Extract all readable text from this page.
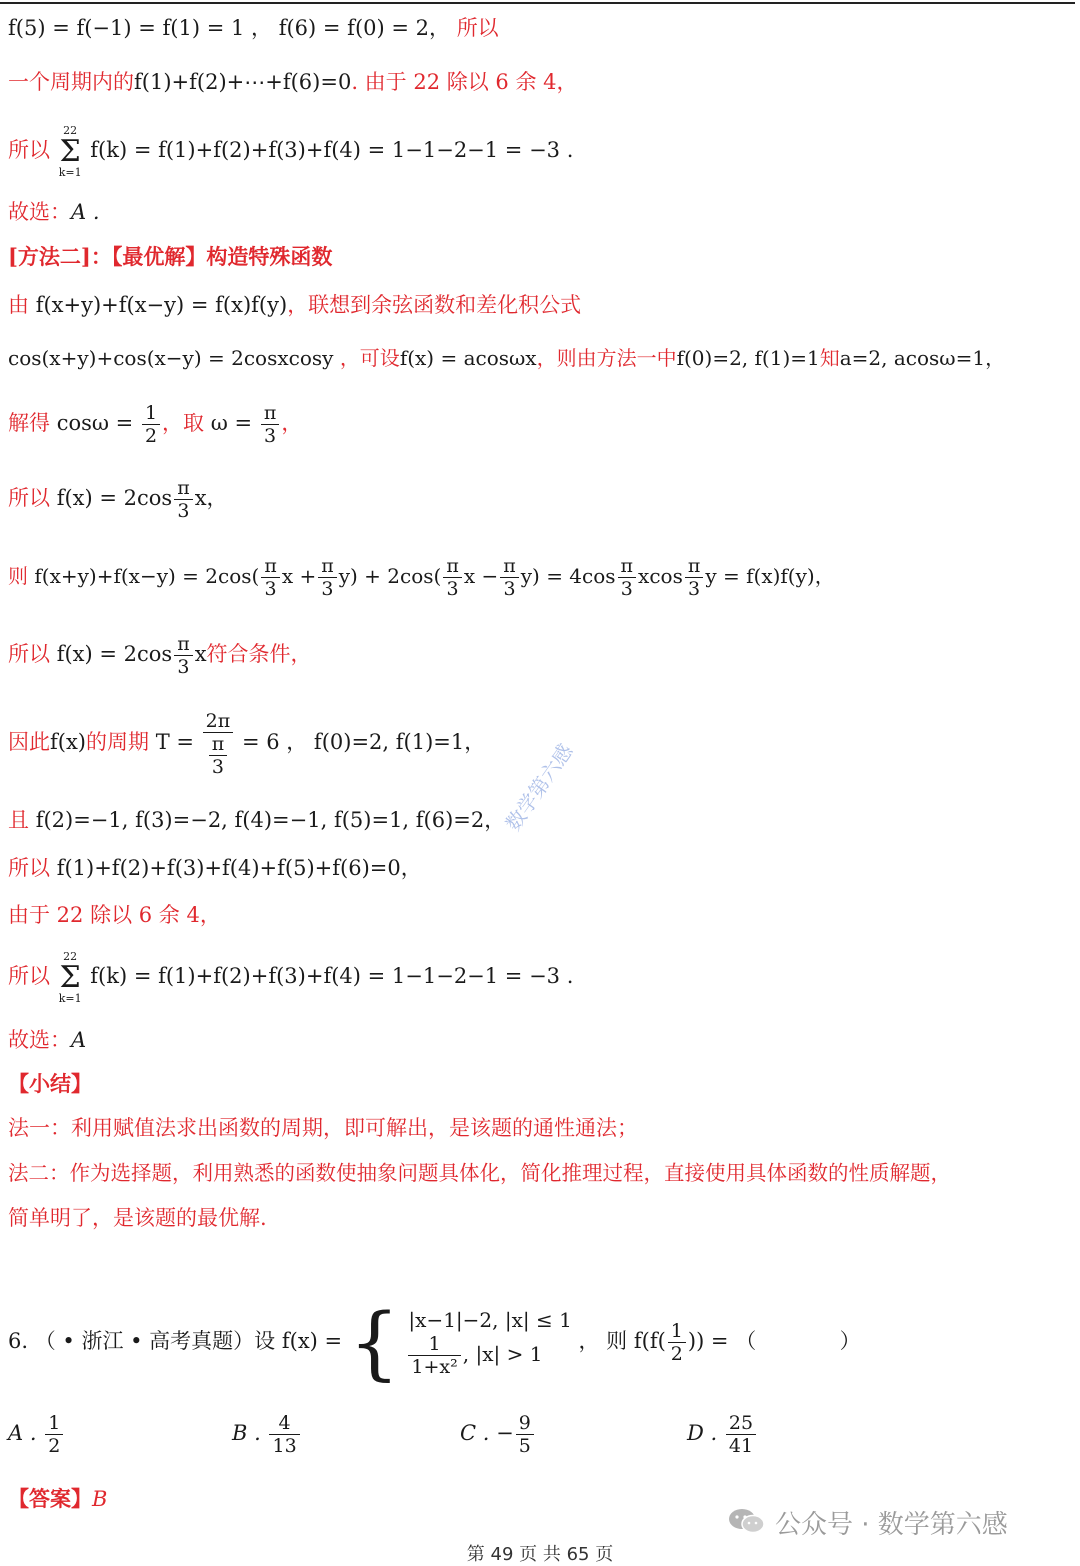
f(5) = f(−1) = f(1) = 1 ， f(6) = f(0) = 2， 所以
一个周期内的f(1)+f(2)+⋯+f(6)=0. 由于 22 除以 6 余 4，
所以
22
Σ
k=1
f(k) = f(1)+f(2)+f(3)+f(4) = 1−1−2−1 = −3 .
故选：A .
[方法二]：【最优解】构造特殊函数
由 f(x+y)+f(x−y) = f(x)f(y)，联想到余弦函数和差化积公式
cos(x+y)+cos(x−y) = 2cosxcosy ，可设f(x) = acosωx，则由方法一中f(0)=2, f(1)=1知a=2, acosω=1，
解得 $\cos\omega = \frac{1}{2}$ ，取 $\omega = \frac{\pi}{3}$ ，
所以 $f(x) = 2\cos \frac{\pi}{3}$ x，
则 $f(x+y)+f(x-y) = 2\cos( \frac{\pi}{3}$ $x + \frac{\pi}{3} y) + 2\cos( \frac{\pi}{3}$ $x - \frac{\pi}{3} y) = 4\cos \frac{\pi}{3}$ xcos $\frac{\pi}{3}$ y = f(x)f(y)，
所以 $f(x) = 2\cos \frac{\pi}{3}$ x符合条件，
因此f(x)的周期 $T = \frac{2\pi}{\frac{\pi}{3}} = 6$ ， f(0)=2, f(1)=1，
且 f(2)=−1, f(3)=−2, f(4)=−1, f(5)=1, f(6)=2，
所以 f(1)+f(2)+f(3)+f(4)+f(5)+f(6)=0，
由于 22 除以 6 余 4，
所以
22
Σ
k=1
f(k) = f(1)+f(2)+f(3)+f(4) = 1−1−2−1 = −3 .
故选：A
【小结】
法一：利用赋值法求出函数的周期，即可解出，是该题的通性通法；
法二：作为选择题，利用熟悉的函数使抽象问题具体化，简化推理过程，直接使用具体函数的性质解题，
简单明了，是该题的最优解.
6. （ • 浙江 • 高考真题）设 f(x) = { |x−1|−2, |x| ≤ 1
$\frac{1}{\text{1+x²}}$ , |x| > 1
， 则 $f(f( \frac{1}{2}$ )) = （	）
A . $\frac{1}{2}$	B . $\frac{4}{13}$	C . − $\frac{9}{5}$	D . $\frac{25}{41}$
【答案】B
数学第六感
公众号 · 数学第六感
第 49 页 共 65 页
